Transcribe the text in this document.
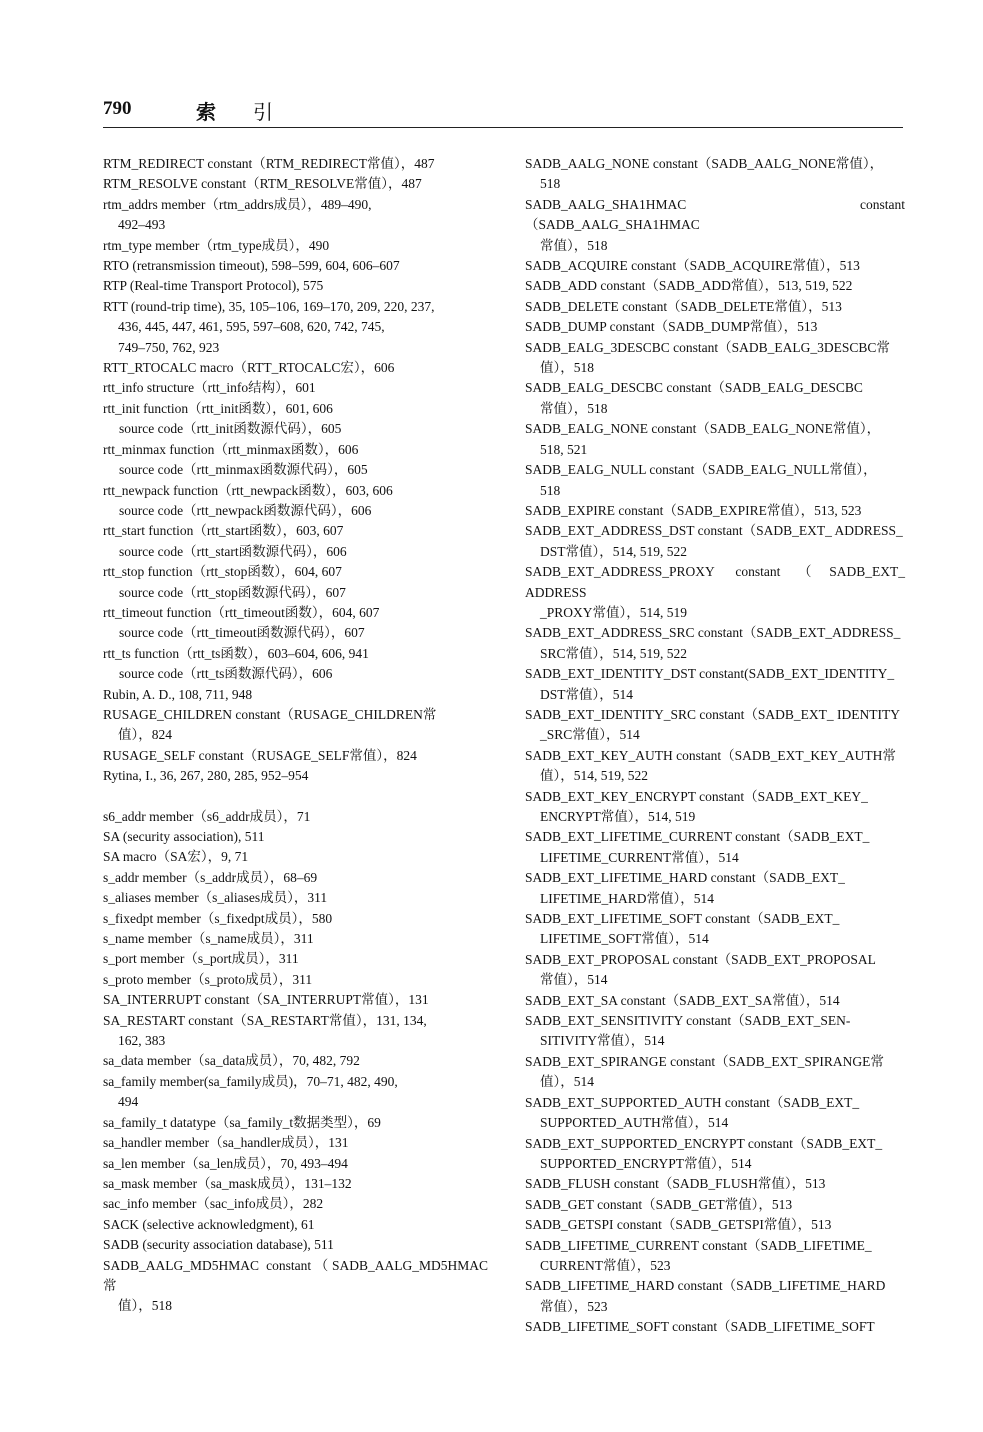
790	索 引
RTM_REDIRECT constant（RTM_REDIRECT常值），487
RTM_RESOLVE constant（RTM_RESOLVE常值），487
rtm_addrs member（rtm_addrs成员），489–490,
492–493
rtm_type member（rtm_type成员），490
RTO (retransmission timeout), 598–599, 604, 606–607
RTP (Real-time Transport Protocol), 575
RTT (round-trip time), 35, 105–106, 169–170, 209, 220, 237,
436, 445, 447, 461, 595, 597–608, 620, 742, 745,
749–750, 762, 923
RTT_RTOCALC macro（RTT_RTOCALC宏），606
rtt_info structure（rtt_info结构），601
rtt_init function（rtt_init函数），601, 606
source code（rtt_init函数源代码），605
rtt_minmax function（rtt_minmax函数），606
source code（rtt_minmax函数源代码），605
rtt_newpack function（rtt_newpack函数），603, 606
source code（rtt_newpack函数源代码），606
rtt_start function（rtt_start函数），603, 607
source code（rtt_start函数源代码），606
rtt_stop function（rtt_stop函数），604, 607
source code（rtt_stop函数源代码），607
rtt_timeout function（rtt_timeout函数），604, 607
source code（rtt_timeout函数源代码），607
rtt_ts function（rtt_ts函数），603–604, 606, 941
source code（rtt_ts函数源代码），606
Rubin, A. D., 108, 711, 948
RUSAGE_CHILDREN constant（RUSAGE_CHILDREN常
值），824
RUSAGE_SELF constant（RUSAGE_SELF常值），824
Rytina, I., 36, 267, 280, 285, 952–954
s6_addr member（s6_addr成员），71
SA (security association), 511
SA macro（SA宏），9, 71
s_addr member（s_addr成员），68–69
s_aliases member（s_aliases成员），311
s_fixedpt member（s_fixedpt成员），580
s_name member（s_name成员），311
s_port member（s_port成员），311
s_proto member（s_proto成员），311
SA_INTERRUPT constant（SA_INTERRUPT常值），131
SA_RESTART constant（SA_RESTART常值），131, 134,
162, 383
sa_data member（sa_data成员），70, 482, 792
sa_family member(sa_family成员)，70–71, 482, 490,
494
sa_family_t datatype（sa_family_t数据类型），69
sa_handler member（sa_handler成员），131
sa_len member（sa_len成员），70, 493–494
sa_mask member（sa_mask成员），131–132
sac_info member（sac_info成员），282
SACK (selective acknowledgment), 61
SADB (security association database), 511
SADB_AALG_MD5HMAC constant（SADB_AALG_MD5HMAC常
值），518
SADB_AALG_NONE constant（SADB_AALG_NONE常值），
518
SADB_AALG_SHA1HMAC constant（SADB_AALG_SHA1HMAC
常值），518
SADB_ACQUIRE constant（SADB_ACQUIRE常值），513
SADB_ADD constant（SADB_ADD常值），513, 519, 522
SADB_DELETE constant（SADB_DELETE常值），513
SADB_DUMP constant（SADB_DUMP常值），513
SADB_EALG_3DESCBC constant（SADB_EALG_3DESCBC常
值），518
SADB_EALG_DESCBC constant（SADB_EALG_DESCBC
常值），518
SADB_EALG_NONE constant（SADB_EALG_NONE常值），
518, 521
SADB_EALG_NULL constant（SADB_EALG_NULL常值），
518
SADB_EXPIRE constant（SADB_EXPIRE常值），513, 523
SADB_EXT_ADDRESS_DST constant（SADB_EXT_ ADDRESS_
DST常值），514, 519, 522
SADB_EXT_ADDRESS_PROXY constant（SADB_EXT_ ADDRESS
_PROXY常值），514, 519
SADB_EXT_ADDRESS_SRC constant（SADB_EXT_ADDRESS_
SRC常值），514, 519, 522
SADB_EXT_IDENTITY_DST constant(SADB_EXT_IDENTITY_
DST常值），514
SADB_EXT_IDENTITY_SRC constant（SADB_EXT_ IDENTITY
_SRC常值），514
SADB_EXT_KEY_AUTH constant（SADB_EXT_KEY_AUTH常
值），514, 519, 522
SADB_EXT_KEY_ENCRYPT constant（SADB_EXT_KEY_
ENCRYPT常值），514, 519
SADB_EXT_LIFETIME_CURRENT constant（SADB_EXT_
LIFETIME_CURRENT常值），514
SADB_EXT_LIFETIME_HARD constant（SADB_EXT_
LIFETIME_HARD常值），514
SADB_EXT_LIFETIME_SOFT constant（SADB_EXT_
LIFETIME_SOFT常值），514
SADB_EXT_PROPOSAL constant（SADB_EXT_PROPOSAL
常值），514
SADB_EXT_SA constant（SADB_EXT_SA常值），514
SADB_EXT_SENSITIVITY constant（SADB_EXT_SEN-
SITIVITY常值），514
SADB_EXT_SPIRANGE constant（SADB_EXT_SPIRANGE常
值），514
SADB_EXT_SUPPORTED_AUTH constant（SADB_EXT_
SUPPORTED_AUTH常值），514
SADB_EXT_SUPPORTED_ENCRYPT constant（SADB_EXT_
SUPPORTED_ENCRYPT常值），514
SADB_FLUSH constant（SADB_FLUSH常值），513
SADB_GET constant（SADB_GET常值），513
SADB_GETSPI constant（SADB_GETSPI常值），513
SADB_LIFETIME_CURRENT constant（SADB_LIFETIME_
CURRENT常值），523
SADB_LIFETIME_HARD constant（SADB_LIFETIME_HARD
常值），523
SADB_LIFETIME_SOFT constant（SADB_LIFETIME_SOFT
